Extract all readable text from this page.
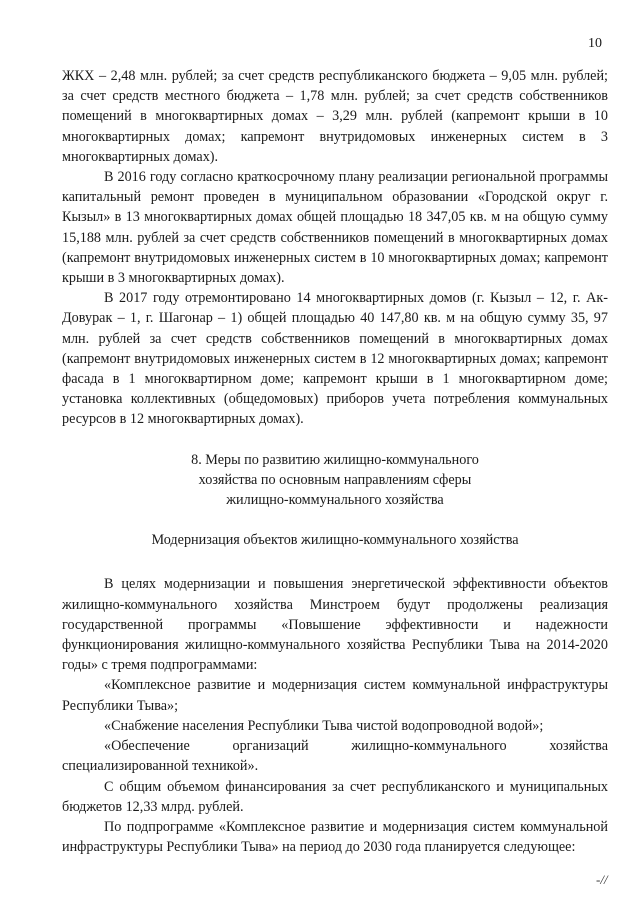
10

ЖКХ – 2,48 млн. рублей; за счет средств республиканского бюджета – 9,05 млн. рублей; за счет средств местного бюджета – 1,78 млн. рублей; за счет средств собственников помещений в многоквартирных домах – 3,29 млн. рублей (капремонт крыши в 10 многоквартирных домах; капремонт внутридомовых инженерных систем в 3 многоквартирных домах).

В 2016 году согласно краткосрочному плану реализации региональной программы капитальный ремонт проведен в муниципальном образовании «Городской округ г. Кызыл» в 13 многоквартирных домах общей площадью 18 347,05 кв. м на общую сумму 15,188 млн. рублей за счет средств собственников помещений в многоквартирных домах (капремонт внутридомовых инженерных систем в 10 многоквартирных домах; капремонт крыши в 3 многоквартирных домах).

В 2017 году отремонтировано 14 многоквартирных домов (г. Кызыл – 12, г. Ак-Довурак – 1, г. Шагонар – 1) общей площадью 40 147,80 кв. м на общую сумму 35, 97 млн. рублей за счет средств собственников помещений в многоквартирных домах (капремонт внутридомовых инженерных систем в 12 многоквартирных домах; капремонт фасада в 1 многоквартирном доме; капремонт крыши в 1 многоквартирном доме; установка коллективных (общедомовых) приборов учета потребления коммунальных ресурсов в 12 многоквартирных домах).

8. Меры по развитию жилищно-коммунального
хозяйства по основным направлениям сферы
жилищно-коммунального хозяйства

Модернизация объектов жилищно-коммунального хозяйства

В целях модернизации и повышения энергетической эффективности объектов жилищно-коммунального хозяйства Минстроем будут продолжены реализация государственной программы «Повышение эффективности и надежности функционирования жилищно-коммунального хозяйства Республики Тыва на 2014-2020 годы» с тремя подпрограммами:

«Комплексное развитие и модернизация систем коммунальной инфраструктуры Республики Тыва»;

«Снабжение населения Республики Тыва чистой водопроводной водой»;

«Обеспечение организаций жилищно-коммунального хозяйства специализированной техникой».

С общим объемом финансирования за счет республиканского и муниципальных бюджетов 12,33 млрд. рублей.

По подпрограмме «Комплексное развитие и модернизация систем коммунальной инфраструктуры Республики Тыва» на период до 2030 года планируется следующее:

-//
